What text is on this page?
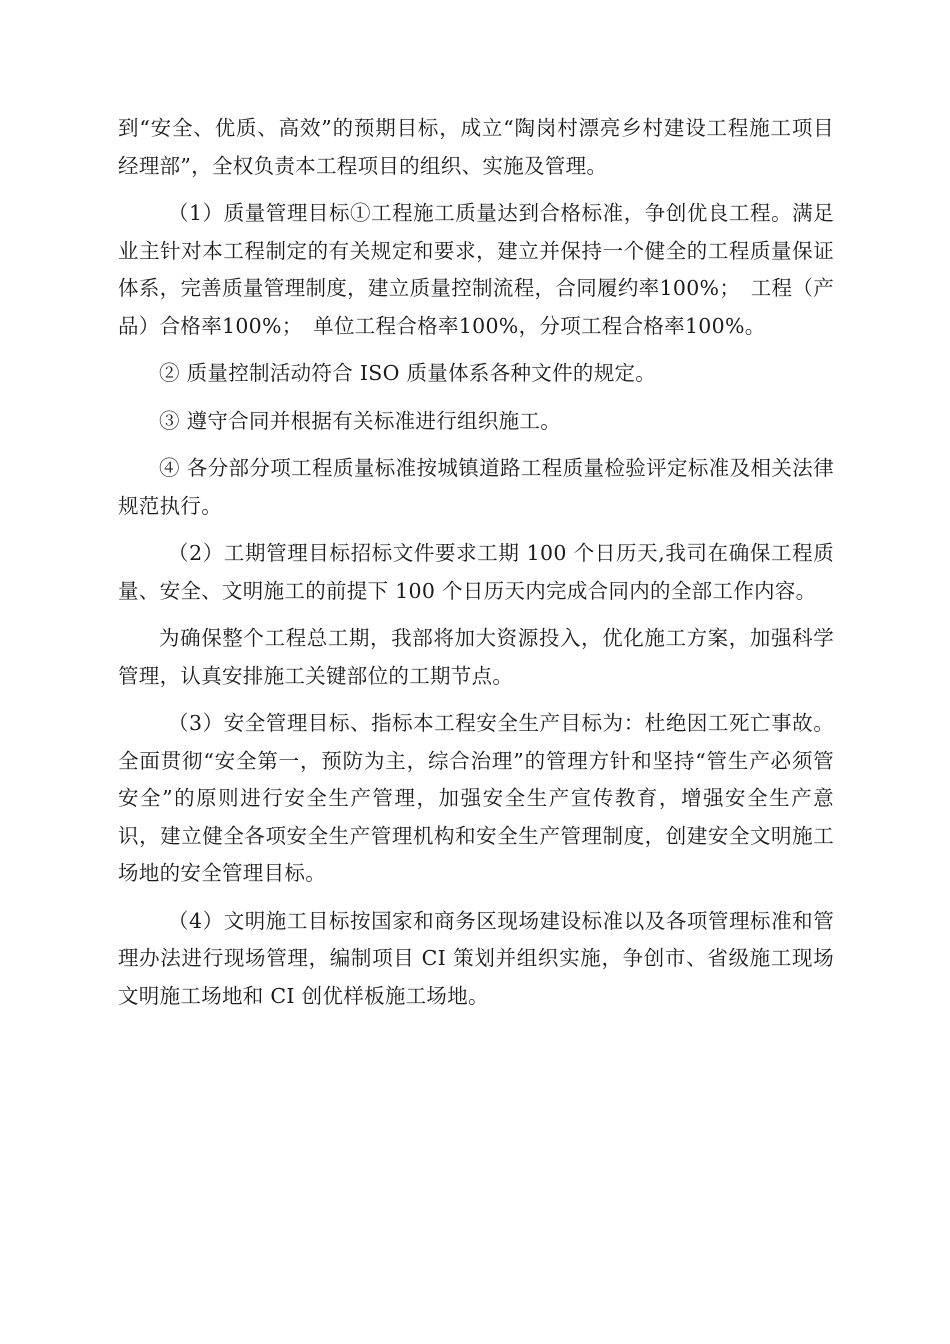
到“安全、优质、高效”的预期目标，成立“陶岗村漂亮乡村建设工程施工项目经理部”，全权负责本工程项目的组织、实施及管理。

（1）质量管理目标①工程施工质量达到合格标准，争创优良工程。满足业主针对本工程制定的有关规定和要求，建立并保持一个健全的工程质量保证体系，完善质量管理制度，建立质量控制流程，合同履约率100%；　工程（产品）合格率100%；　单位工程合格率100%，分项工程合格率100%。

② 质量控制活动符合 ISO 质量体系各种文件的规定。

③ 遵守合同并根据有关标准进行组织施工。

④ 各分部分项工程质量标准按城镇道路工程质量检验评定标准及相关法律规范执行。

（2）工期管理目标招标文件要求工期 100 个日历天,我司在确保工程质量、安全、文明施工的前提下 100 个日历天内完成合同内的全部工作内容。

为确保整个工程总工期，我部将加大资源投入，优化施工方案，加强科学管理，认真安排施工关键部位的工期节点。

（3）安全管理目标、指标本工程安全生产目标为：杜绝因工死亡事故。全面贯彻“安全第一，预防为主，综合治理”的管理方针和坚持“管生产必须管安全”的原则进行安全生产管理，加强安全生产宣传教育，增强安全生产意识，建立健全各项安全生产管理机构和安全生产管理制度，创建安全文明施工场地的安全管理目标。

（4）文明施工目标按国家和商务区现场建设标准以及各项管理标准和管理办法进行现场管理，编制项目 CI 策划并组织实施，争创市、省级施工现场文明施工场地和 CI 创优样板施工场地。
